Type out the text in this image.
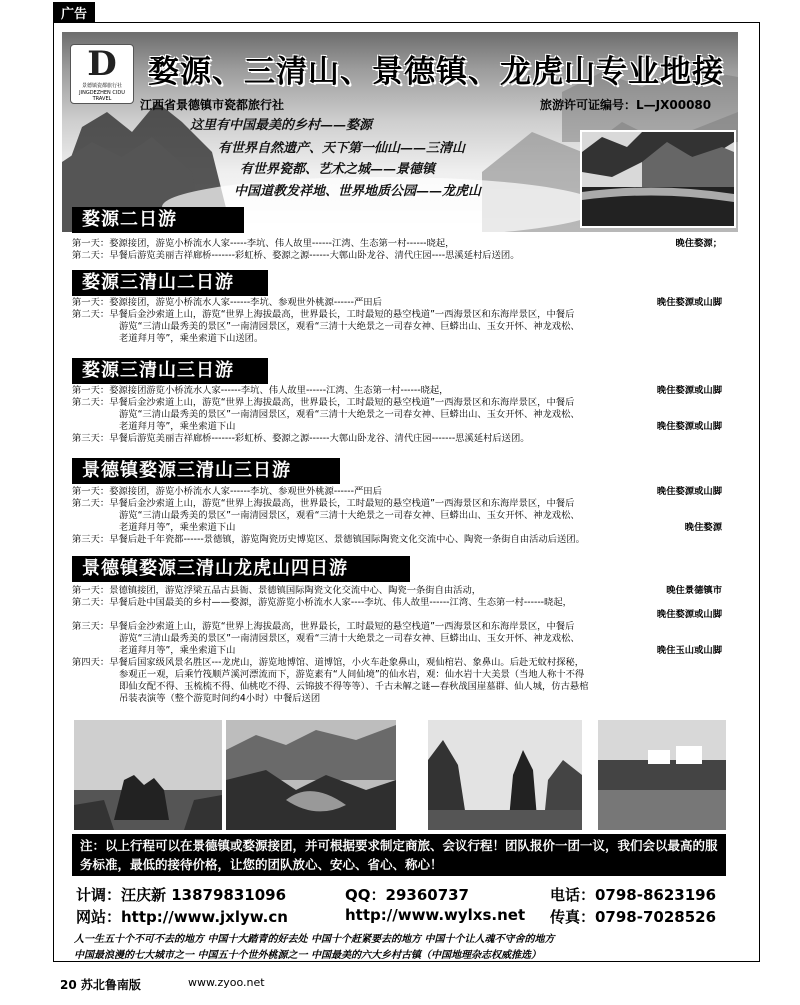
广告
D
景德镇瓷都旅行社
JINGDEZHEN CIDU TRAVEL
婺源、三清山、景德镇、龙虎山专业地接
江西省景德镇市瓷都旅行社	旅游许可证编号：L—JX00080
这里有中国最美的乡村——婺源
有世界自然遗产、天下第一仙山——三清山
有世界瓷都、艺术之城——景德镇
中国道教发祥地、世界地质公园——龙虎山
婺源二日游
婺源三清山二日游
婺源三清山三日游
景德镇婺源三清山三日游
景德镇婺源三清山龙虎山四日游
第一天：婺源接团，游览小桥流水人家-----李坑、伟人故里------江湾、生态第一村------晓起，	晚住婺源；
第二天：早餐后游览美丽吉祥廊桥-------彩虹桥、婺源之源------大鄣山卧龙谷、清代庄园----思溪延村后送团。
第一天：婺源接团，游览小桥流水人家------李坑、参观世外桃源------严田后	晚住婺源或山脚
第二天：早餐后金沙索道上山，游览“世界上海拔最高，世界最长，工时最短的悬空栈道”一西海景区和东海岸景区，中餐后
游览“三清山最秀美的景区”一南清园景区，观看“三清十大绝景之一司春女神、巨蟒出山、玉女开怀、神龙戏松、
老道拜月等”，乘坐索道下山送团。
第一天：婺源接团游览小桥流水人家------李坑、伟人故里------江湾、生态第一村------晓起，	晚住婺源或山脚
第二天：早餐后金沙索道上山，游览“世界上海拔最高，世界最长，工时最短的悬空栈道”一西海景区和东海岸景区，中餐后
游览“三清山最秀美的景区”一南清园景区，观看“三清十大绝景之一司春女神、巨蟒出山、玉女开怀、神龙戏松、
老道拜月等”，乘坐索道下山	晚住婺源或山脚
第三天：早餐后游览美丽吉祥廊桥-------彩虹桥、婺源之源------大鄣山卧龙谷、清代庄园-------思溪延村后送团。
第一天：婺源接团，游览小桥流水人家------李坑、参观世外桃源------严田后	晚住婺源或山脚
第二天：早餐后金沙索道上山，游览“世界上海拔最高，世界最长，工时最短的悬空栈道”一西海景区和东海岸景区，中餐后
游览“三清山最秀美的景区”一南清园景区，观看“三清十大绝景之一司春女神、巨蟒出山、玉女开怀、神龙戏松、
老道拜月等”，乘坐索道下山	晚住婺源
第三天：早餐后赴千年瓷都------景德镇，游览陶瓷历史博览区、景德镇国际陶瓷文化交流中心、陶瓷一条街自由活动后送团。
第一天：景德镇接团，游览浮梁五品古县衙、景德镇国际陶瓷文化交流中心、陶瓷一条街自由活动，	晚住景德镇市
第二天：早餐后赴中国最美的乡村——婺源，游览游览小桥流水人家----李坑、伟人故里------江湾、生态第一村------晓起，
晚住婺源或山脚
第三天：早餐后金沙索道上山，游览“世界上海拔最高，世界最长，工时最短的悬空栈道”一西海景区和东海岸景区，中餐后
游览“三清山最秀美的景区”一南清园景区，观看“三清十大绝景之一司春女神、巨蟒出山、玉女开怀、神龙戏松、
老道拜月等”，乘坐索道下山	晚住玉山或山脚
第四天：早餐后国家级风景名胜区---龙虎山，游览地博馆、道博馆，小火车赴象鼻山，观仙棺岩、象鼻山。后赴无蚊村探秘，
参观正一观，后乘竹筏顺芦溪河漂流而下，游览素有“人间仙境”的仙水岩，观：仙水岩十大美景（当地人称十不得
即仙女配不得、玉梳梳不得、仙桃吃不得、云锦披不得等等）、千古未解之谜—春秋战国崖墓群、仙人城，仿古悬棺
吊装表演等（整个游览时间约4小时）中餐后送团
注：以上行程可以在景德镇或婺源接团，并可根据要求制定商旅、会议行程！团队报价一团一议，我们会以最高的服务标准，最低的接待价格，让您的团队放心、安心、省心、称心！
计调：汪庆新 13879831096	QQ：29360737	电话：0798-8623196
网站：http://www.jxlyw.cn	http://www.wylxs.net 传真：0798-7028526
人一生五十个不可不去的地方 中国十大踏青的好去处 中国十个赶紧要去的地方 中国十个让人魂不守舍的地方
中国最浪漫的七大城市之一 中国五十个世外桃源之一 中国最美的六大乡村古镇（中国地理杂志权威推选）
20 苏北鲁南版	www.zyoo.net
